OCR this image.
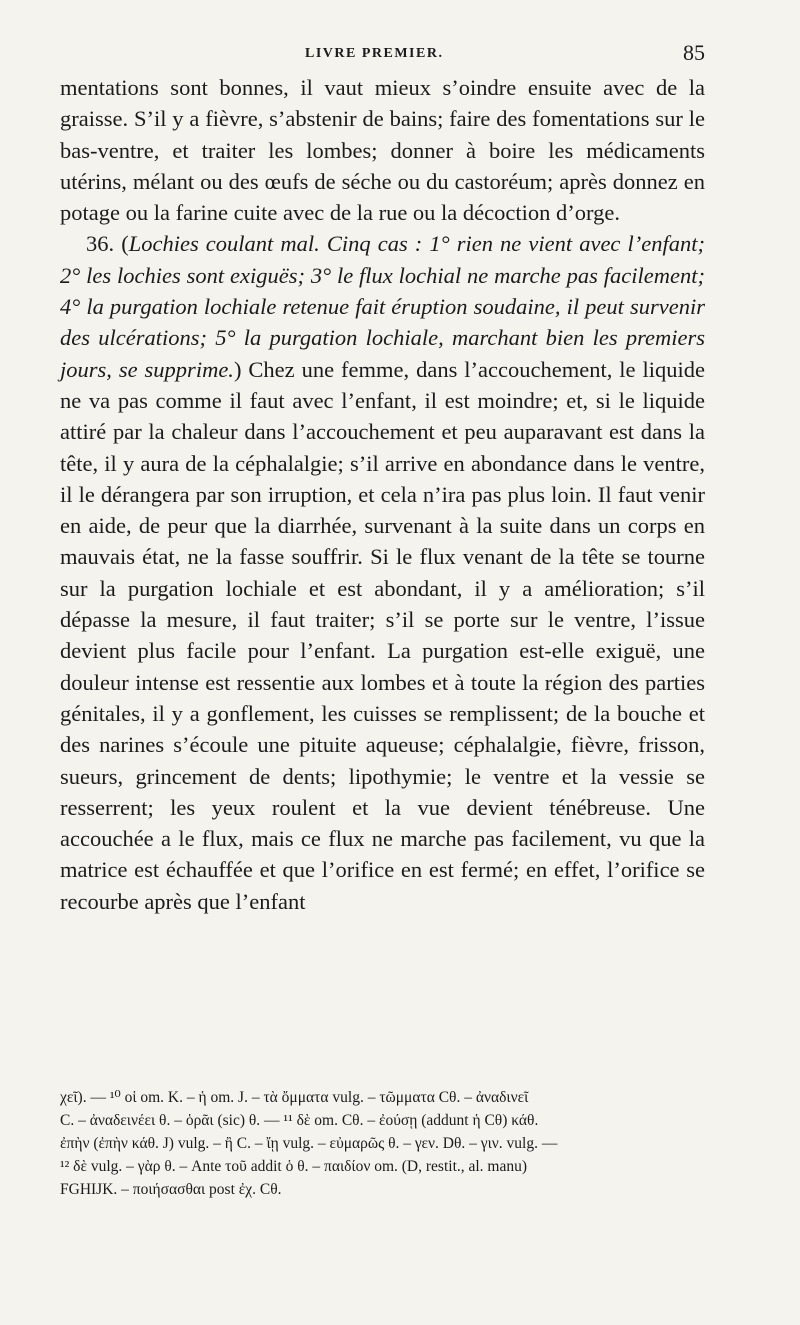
LIVRE PREMIER.	85

mentations sont bonnes, il vaut mieux s’oindre ensuite avec de la graisse. S’il y a fièvre, s’abstenir de bains; faire des fomentations sur le bas-ventre, et traiter les lombes; donner à boire les médicaments utérins, mélant ou des œufs de séche ou du castoréum; après donnez en potage ou la farine cuite avec de la rue ou la décoction d’orge.

36. (Lochies coulant mal. Cinq cas : 1° rien ne vient avec l’enfant; 2° les lochies sont exiguës; 3° le flux lochial ne marche pas facilement; 4° la purgation lochiale retenue fait éruption soudaine, il peut survenir des ulcérations; 5° la purgation lochiale, marchant bien les premiers jours, se supprime.) Chez une femme, dans l’accouchement, le liquide ne va pas comme il faut avec l’enfant, il est moindre; et, si le liquide attiré par la chaleur dans l’accouchement et peu auparavant est dans la tête, il y aura de la céphalalgie; s’il arrive en abondance dans le ventre, il le dérangera par son irruption, et cela n’ira pas plus loin. Il faut venir en aide, de peur que la diarrhée, survenant à la suite dans un corps en mauvais état, ne la fasse souffrir. Si le flux venant de la tête se tourne sur la purgation lochiale et est abondant, il y a amélioration; s’il dépasse la mesure, il faut traiter; s’il se porte sur le ventre, l’issue devient plus facile pour l’enfant. La purgation est-elle exiguë, une douleur intense est ressentie aux lombes et à toute la région des parties génitales, il y a gonflement, les cuisses se remplissent; de la bouche et des narines s’écoule une pituite aqueuse; céphalalgie, fièvre, frisson, sueurs, grincement de dents; lipothymie; le ventre et la vessie se resserrent; les yeux roulent et la vue devient ténébreuse. Une accouchée a le flux, mais ce flux ne marche pas facilement, vu que la matrice est échauffée et que l’orifice en est fermé; en effet, l’orifice se recourbe après que l’enfant

χεῖ). — ¹⁰ οἱ om. K. – ἡ om. J. – τὰ ὄμματα vulg. – τῶμματα Cθ. – ἀναδινεῖ

C. – ἀναδεινέει θ. – ὁρᾶι (sic) θ. — ¹¹ δὲ om. Cθ. – ἐούσῃ (addunt ἡ Cθ) κάθ.

ἐπὴν (ἐπὴν κάθ. J) vulg. – ἢ C. – ἴῃ vulg. – εὐμαρῶς θ. – γεν. Dθ. – γιν. vulg. —

¹² δὲ vulg. – γὰρ θ. – Ante τοῦ addit ὁ θ. – παιδίον om. (D, restit., al. manu)

FGHIJK. – ποιήσασθαι post ἐχ. Cθ.
